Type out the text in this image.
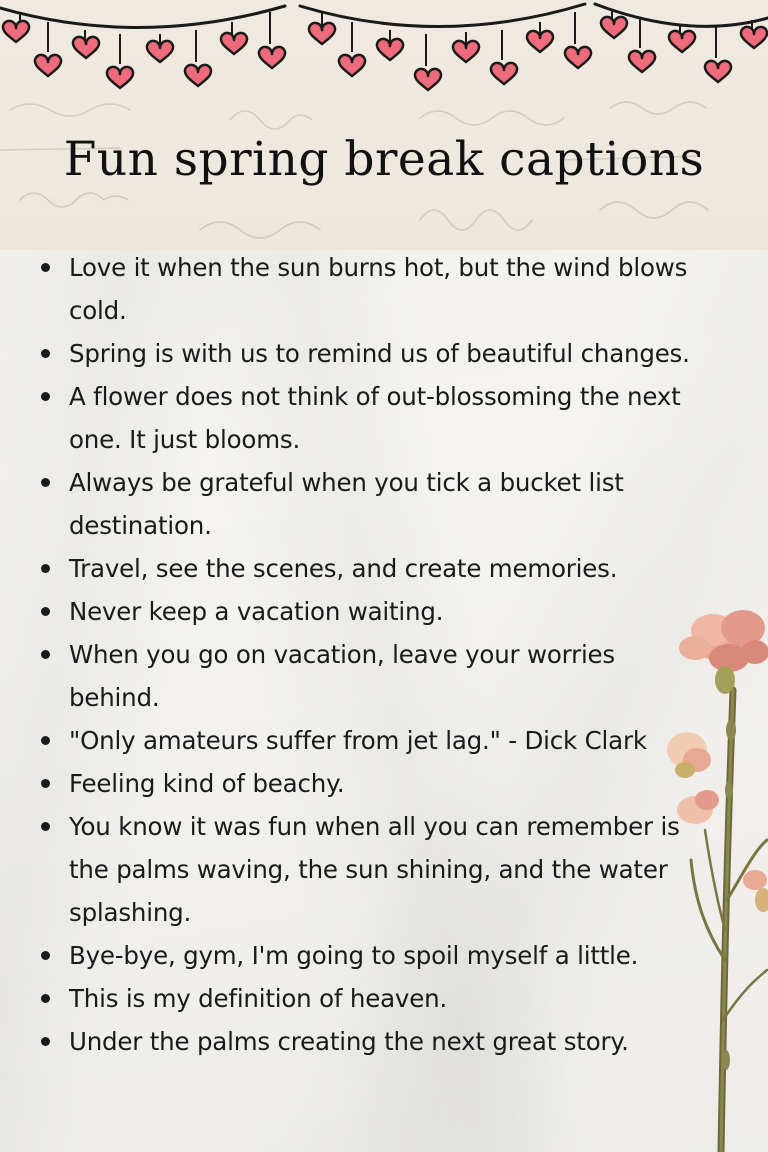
Fun spring break captions
Love it when the sun burns hot, but the wind blows cold.
Spring is with us to remind us of beautiful changes.
A flower does not think of out-blossoming the next one. It just blooms.
Always be grateful when you tick a bucket list destination.
Travel, see the scenes, and create memories.
Never keep a vacation waiting.
When you go on vacation, leave your worries behind.
"Only amateurs suffer from jet lag." - Dick Clark
Feeling kind of beachy.
You know it was fun when all you can remember is the palms waving, the sun shining, and the water splashing.
Bye-bye, gym, I'm going to spoil myself a little.
This is my definition of heaven.
Under the palms creating the next great story.
